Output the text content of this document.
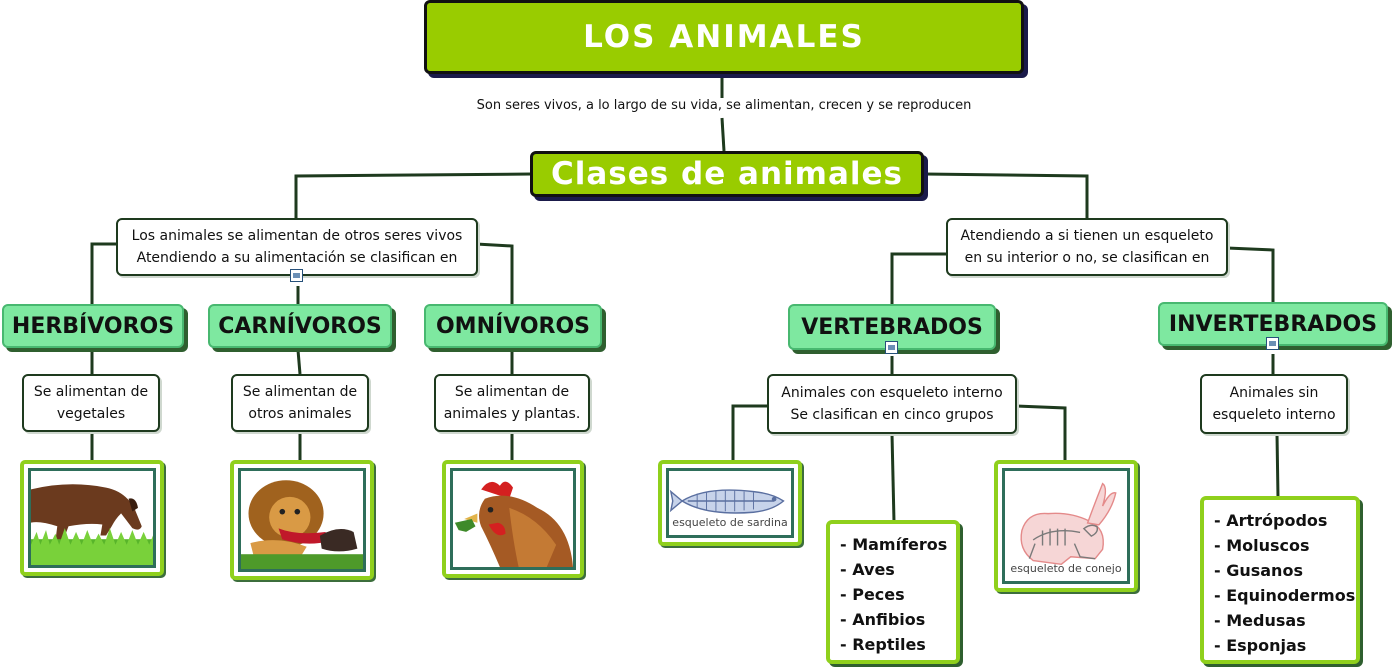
LOS ANIMALES
Son seres vivos, a lo largo de su vida, se alimentan, crecen y se reproducen
Clases de animales
Los animales se alimentan de otros seres vivos
Atendiendo a su alimentación se clasifican en
HERBÍVOROS CARNÍVOROS OMNÍVOROS
Se alimentan de
vegetales
Se alimentan de
otros animales
Se alimentan de
animales y plantas.
Atendiendo a si tienen un esqueleto
en su interior o no, se clasifican en
VERTEBRADOS	INVERTEBRADOS
Animales con esqueleto interno
Se clasifican en cinco grupos
Animales sin
esqueleto interno
esqueleto de sardina
- Mamíferos
- Aves
- Peces
- Anfibios
- Reptiles
esqueleto de conejo
- Artrópodos
- Moluscos
- Gusanos
- Equinodermos
- Medusas
- Esponjas
